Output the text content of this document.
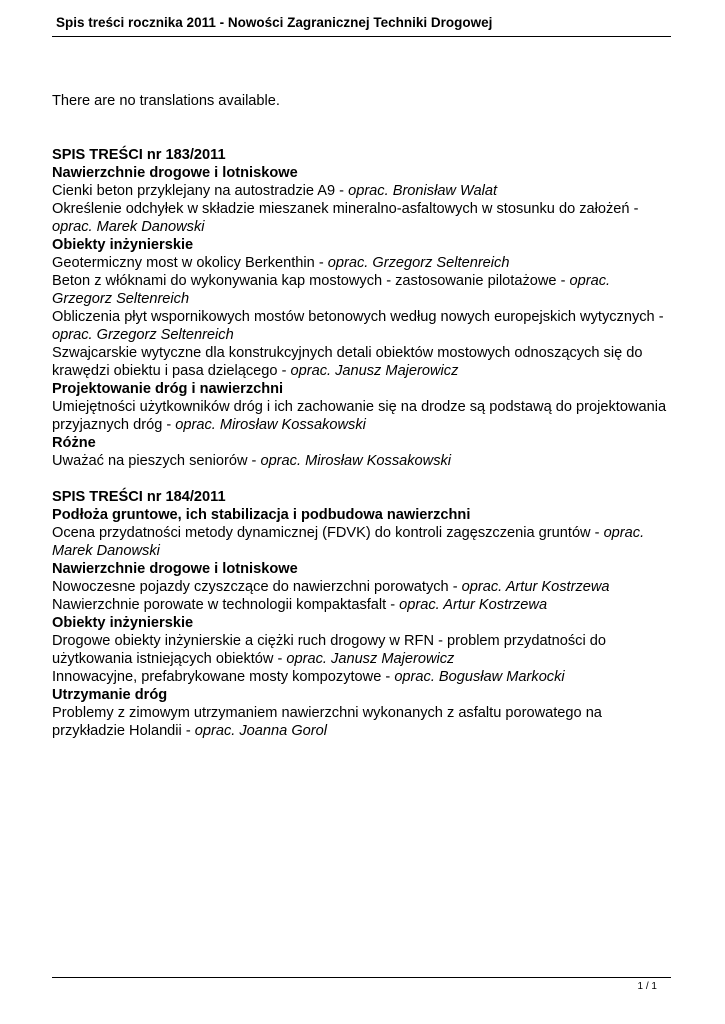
Spis treści rocznika 2011 - Nowości Zagranicznej Techniki Drogowej
There are no translations available.
SPIS TREŚCI nr 183/2011
Nawierzchnie drogowe i lotniskowe
Cienki beton przyklejany na autostradzie A9 - oprac. Bronisław Walat
Określenie odchyłek w składzie mieszanek mineralno-asfaltowych w stosunku do założeń - oprac. Marek Danowski
Obiekty inżynierskie
Geotermiczny most w okolicy Berkenthin - oprac. Grzegorz Seltenreich
Beton z włóknami do wykonywania kap mostowych - zastosowanie pilotażowe - oprac. Grzegorz Seltenreich
Obliczenia płyt wspornikowych mostów betonowych według nowych europejskich wytycznych - oprac. Grzegorz Seltenreich
Szwajcarskie wytyczne dla konstrukcyjnych detali obiektów mostowych odnoszących się do krawędzi obiektu i pasa dzielącego - oprac. Janusz Majerowicz
Projektowanie dróg i nawierzchni
Umiejętności użytkowników dróg i ich zachowanie się na drodze są podstawą do projektowania przyjaznych dróg - oprac. Mirosław Kossakowski
Różne
Uważać na pieszych seniorów - oprac. Mirosław Kossakowski
SPIS TREŚCI nr 184/2011
Podłoża gruntowe, ich stabilizacja i podbudowa nawierzchni
Ocena przydatności metody dynamicznej (FDVK) do kontroli zagęszczenia gruntów - oprac. Marek Danowski
Nawierzchnie drogowe i lotniskowe
Nowoczesne pojazdy czyszczące do nawierzchni porowatych - oprac. Artur Kostrzewa
Nawierzchnie porowate w technologii kompaktasfalt - oprac. Artur Kostrzewa
Obiekty inżynierskie
Drogowe obiekty inżynierskie a ciężki ruch drogowy w RFN - problem przydatności do użytkowania istniejących obiektów - oprac. Janusz Majerowicz
Innowacyjne, prefabrykowane mosty kompozytowe - oprac. Bogusław Markocki
Utrzymanie dróg
Problemy z zimowym utrzymaniem nawierzchni wykonanych z asfaltu porowatego na przykładzie Holandii - oprac. Joanna Gorol
1 / 1
